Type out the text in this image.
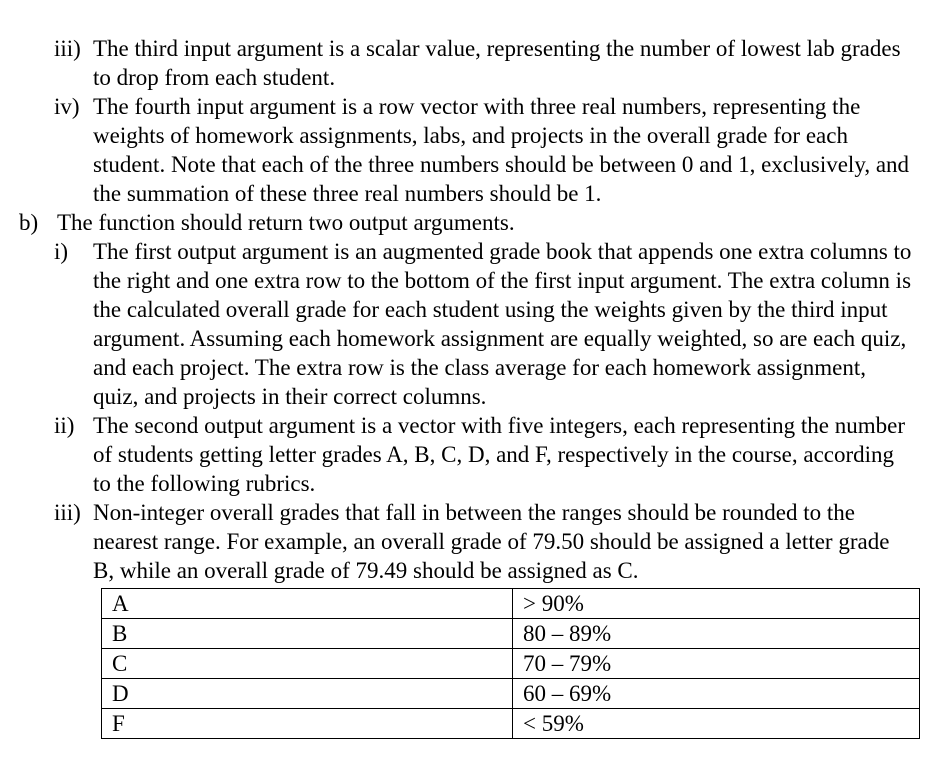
iii) The third input argument is a scalar value, representing the number of lowest lab grades to drop from each student.
iv) The fourth input argument is a row vector with three real numbers, representing the weights of homework assignments, labs, and projects in the overall grade for each student. Note that each of the three numbers should be between 0 and 1, exclusively, and the summation of these three real numbers should be 1.
b) The function should return two output arguments.
i) The first output argument is an augmented grade book that appends one extra columns to the right and one extra row to the bottom of the first input argument. The extra column is the calculated overall grade for each student using the weights given by the third input argument. Assuming each homework assignment are equally weighted, so are each quiz, and each project. The extra row is the class average for each homework assignment, quiz, and projects in their correct columns.
ii) The second output argument is a vector with five integers, each representing the number of students getting letter grades A, B, C, D, and F, respectively in the course, according to the following rubrics.
iii) Non-integer overall grades that fall in between the ranges should be rounded to the nearest range. For example, an overall grade of 79.50 should be assigned a letter grade B, while an overall grade of 79.49 should be assigned as C.
A	> 90%
B	80 – 89%
C	70 – 79%
D	60 – 69%
F	< 59%
